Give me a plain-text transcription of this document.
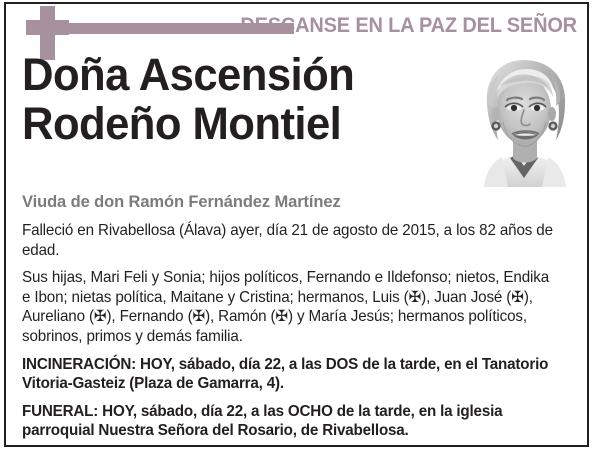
DESCANSE EN LA PAZ DEL SEÑOR
Doña Ascensión
Rodeño Montiel
Viuda de don Ramón Fernández Martínez
Falleció en Rivabellosa (Álava) ayer, día 21 de agosto de 2015, a los 82 años de edad.
Sus hijas, Mari Feli y Sonia; hijos políticos, Fernando e Ildefonso; nietos, Endika e Ibon; nietas política, Maitane y Cristina; hermanos, Luis (✠), Juan José (✠), Aureliano (✠), Fernando (✠), Ramón (✠) y María Jesús; hermanos políticos, sobrinos, primos y demás familia.
INCINERACIÓN: HOY, sábado, día 22, a las DOS de la tarde, en el Tanatorio Vitoria-Gasteiz (Plaza de Gamarra, 4).
FUNERAL: HOY, sábado, día 22, a las OCHO de la tarde, en la iglesia parroquial Nuestra Señora del Rosario, de Rivabellosa.
